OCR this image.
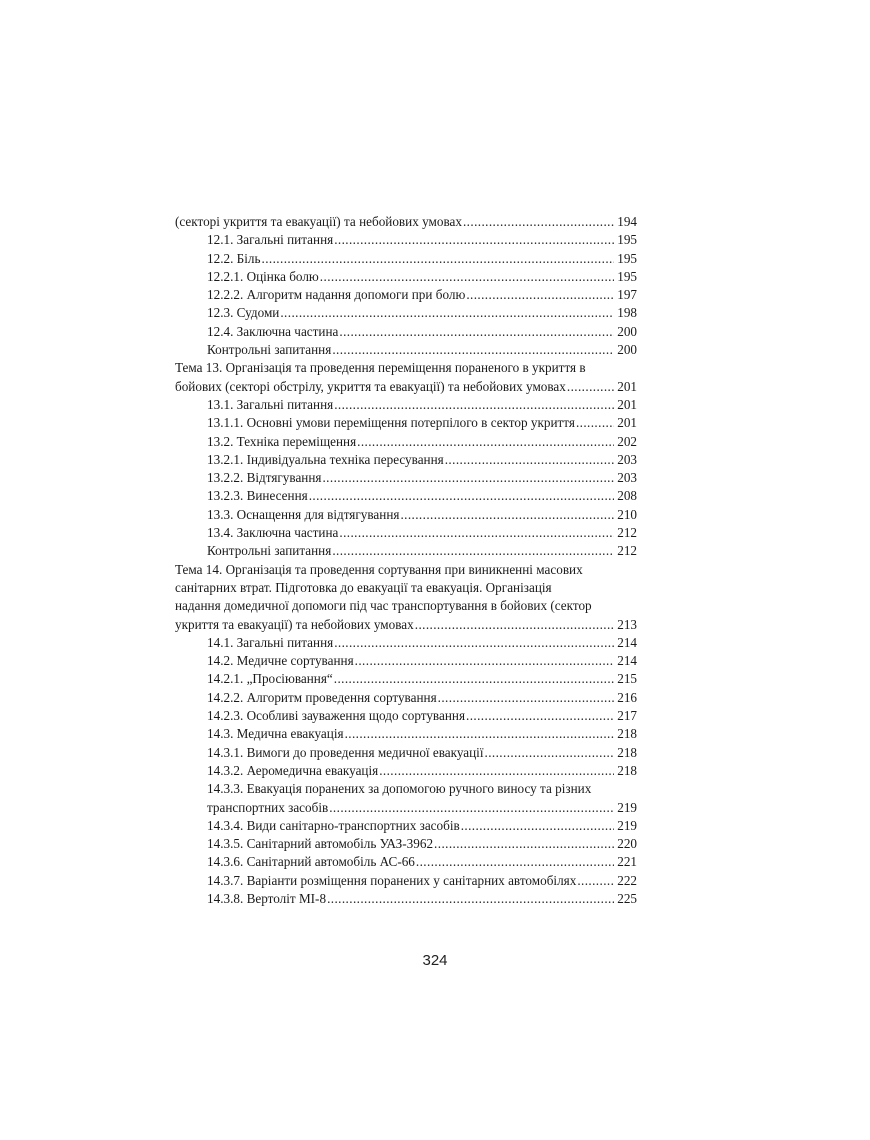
(секторі укриття та евакуації) та небойових умовах .....	194
12.1. Загальні питання .....	195
12.2. Біль .....	195
12.2.1. Оцінка болю .....	195
12.2.2. Алгоритм надання допомоги при болю .....	197
12.3. Судоми .....	198
12.4. Заключна частина .....	200
Контрольні запитання .....	200
Тема 13. Організація та проведення переміщення пораненого в укриття в
бойових (секторі обстрілу, укриття та евакуації) та небойових умовах .....	201
13.1. Загальні питання .....	201
13.1.1. Основні умови переміщення потерпілого в сектор укриття .....	201
13.2. Техніка переміщення .....	202
13.2.1. Індивідуальна техніка пересування .....	203
13.2.2. Відтягування .....	203
13.2.3. Винесення .....	208
13.3. Оснащення для відтягування .....	210
13.4. Заключна частина .....	212
Контрольні запитання .....	212
Тема 14. Організація та проведення сортування при виникненні масових
санітарних втрат. Підготовка до евакуації та евакуація. Організація
надання домедичної допомоги під час транспортування в бойових (сектор
укриття та евакуації) та небойових умовах .....	213
14.1. Загальні питання .....	214
14.2. Медичне сортування .....	214
14.2.1. „Просіювання“ .....	215
14.2.2. Алгоритм проведення сортування .....	216
14.2.3. Особливі зауваження щодо сортування .....	217
14.3. Медична евакуація .....	218
14.3.1. Вимоги до проведення медичної евакуації .....	218
14.3.2. Аеромедична евакуація .....	218
14.3.3. Евакуація поранених за допомогою ручного виносу та різних
транспортних засобів .....	219
14.3.4. Види санітарно-транспортних засобів .....	219
14.3.5. Санітарний автомобіль УАЗ-3962 .....	220
14.3.6. Санітарний автомобіль АС-66 .....	221
14.3.7. Варіанти розміщення поранених у санітарних автомобілях .....	222
14.3.8. Вертоліт МІ-8 .....	225
324
